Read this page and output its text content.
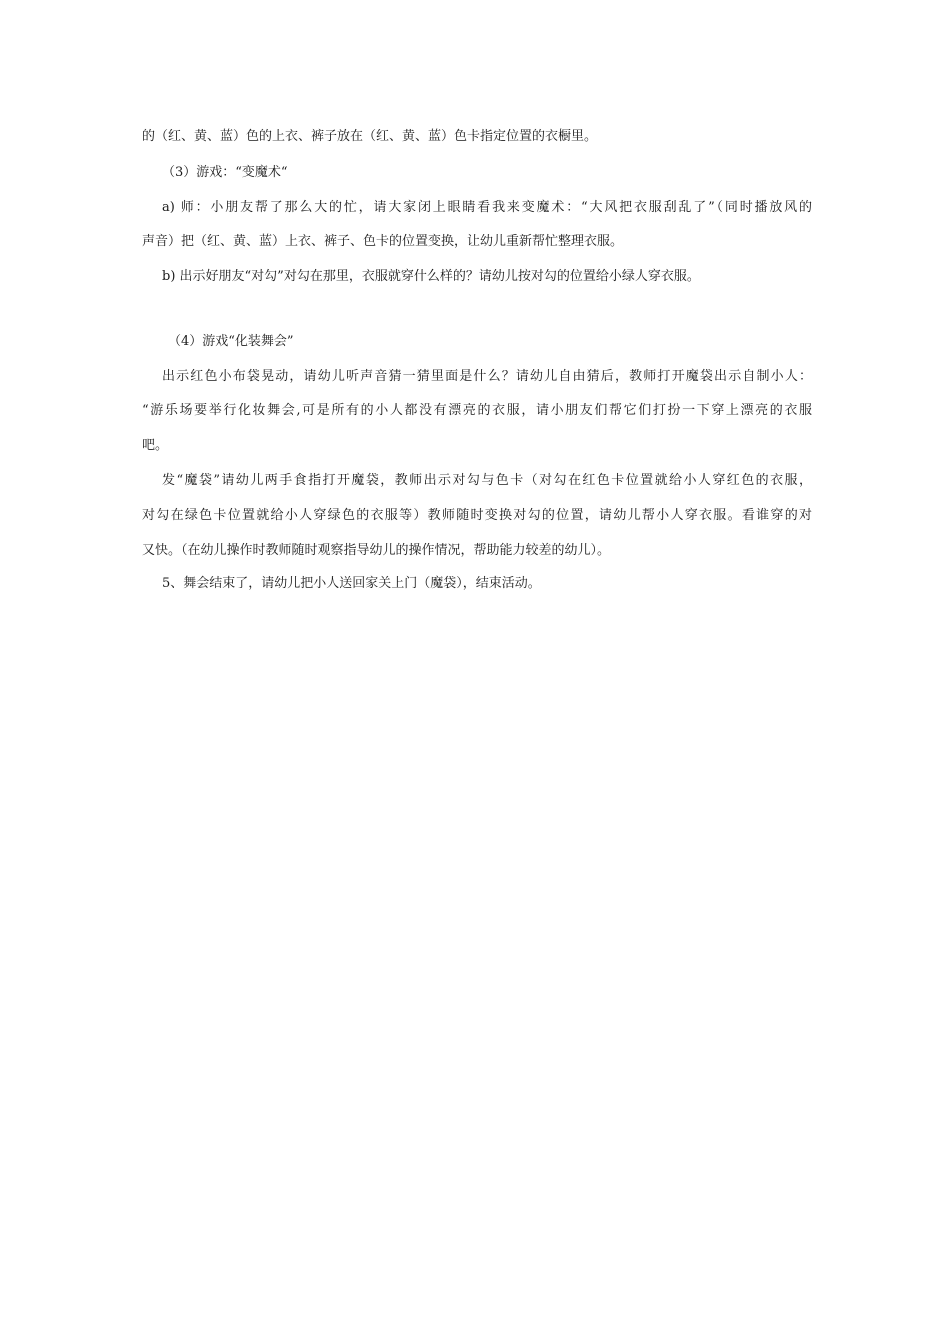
的（红、黄、蓝）色的上衣、裤子放在（红、黄、蓝）色卡指定位置的衣橱里。
（3）游戏：“变魔术“
a) 师：小朋友帮了那么大的忙，请大家闭上眼睛看我来变魔术：“大风把衣服刮乱了”（同时播放风的
声音）把（红、黄、蓝）上衣、裤子、色卡的位置变换，让幼儿重新帮忙整理衣服。
b) 出示好朋友“对勾”对勾在那里，衣服就穿什么样的？请幼儿按对勾的位置给小绿人穿衣服。
（4）游戏“化装舞会”
出示红色小布袋晃动，请幼儿听声音猜一猜里面是什么？请幼儿自由猜后，教师打开魔袋出示自制小人：
“游乐场要举行化妆舞会,可是所有的小人都没有漂亮的衣服，请小朋友们帮它们打扮一下穿上漂亮的衣服
吧。
发“魔袋”请幼儿两手食指打开魔袋，教师出示对勾与色卡（对勾在红色卡位置就给小人穿红色的衣服，
对勾在绿色卡位置就给小人穿绿色的衣服等）教师随时变换对勾的位置，请幼儿帮小人穿衣服。看谁穿的对
又快。（在幼儿操作时教师随时观察指导幼儿的操作情况，帮助能力较差的幼儿）。
5、舞会结束了，请幼儿把小人送回家关上门（魔袋），结束活动。
